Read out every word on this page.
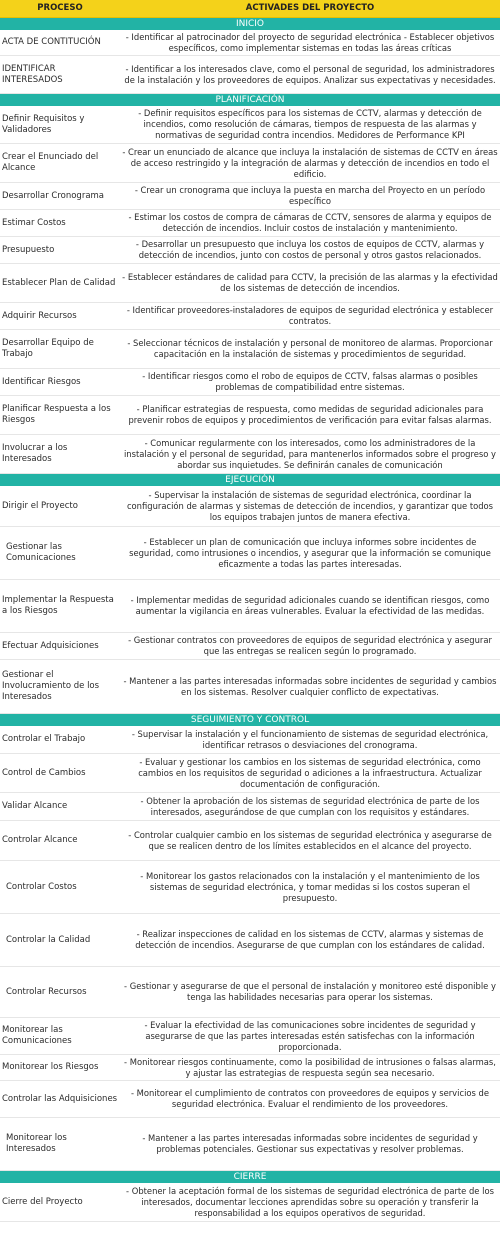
PROCESO	ACTIVADES DEL PROYECTO
INICIO
ACTA DE CONTITUCIÓN
- Identificar al patrocinador del proyecto de seguridad electrónica - Establecer objetivos específicos, como implementar sistemas en todas las áreas críticas
IDENTIFICAR INTERESADOS
- Identificar a los interesados clave, como el personal de seguridad, los administradores de la instalación y los proveedores de equipos. Analizar sus expectativas y necesidades.
PLANIFICACIÓN
Definir Requisitos y Validadores
- Definir requisitos específicos para los sistemas de CCTV, alarmas y detección de incendios, como resolución de cámaras, tiempos de respuesta de las alarmas y normativas de seguridad contra incendios. Medidores de Performance KPI
Crear el Enunciado del Alcance
- Crear un enunciado de alcance que incluya la instalación de sistemas de CCTV en áreas de acceso restringido y la integración de alarmas y detección de incendios en todo el edificio.
Desarrollar Cronograma
- Crear un cronograma que incluya la puesta en marcha del Proyecto en un período específico
Estimar Costos
- Estimar los costos de compra de cámaras de CCTV, sensores de alarma y equipos de detección de incendios. Incluir costos de instalación y mantenimiento.
Presupuesto
- Desarrollar un presupuesto que incluya los costos de equipos de CCTV, alarmas y detección de incendios, junto con costos de personal y otros gastos relacionados.
Establecer Plan de Calidad
- Establecer estándares de calidad para CCTV, la precisión de las alarmas y la efectividad de los sistemas de detección de incendios.
Adquirir Recursos
- Identificar proveedores-instaladores de equipos de seguridad electrónica y establecer contratos.
Desarrollar Equipo de Trabajo
- Seleccionar técnicos de instalación y personal de monitoreo de alarmas. Proporcionar capacitación en la instalación de sistemas y procedimientos de seguridad.
Identificar Riesgos
- Identificar riesgos como el robo de equipos de CCTV, falsas alarmas o posibles problemas de compatibilidad entre sistemas.
Planificar Respuesta a los Riesgos
- Planificar estrategias de respuesta, como medidas de seguridad adicionales para prevenir robos de equipos y procedimientos de verificación para evitar falsas alarmas.
Involucrar a los Interesados
- Comunicar regularmente con los interesados, como los administradores de la instalación y el personal de seguridad, para mantenerlos informados sobre el progreso y abordar sus inquietudes. Se definirán canales de comunicación
EJECUCIÓN
Dirigir el Proyecto
- Supervisar la instalación de sistemas de seguridad electrónica, coordinar la configuración de alarmas y sistemas de detección de incendios, y garantizar que todos los equipos trabajen juntos de manera efectiva.
Gestionar las Comunicaciones
- Establecer un plan de comunicación que incluya informes sobre incidentes de seguridad, como intrusiones o incendios, y asegurar que la información se comunique eficazmente a todas las partes interesadas.
Implementar la Respuesta a los Riesgos
- Implementar medidas de seguridad adicionales cuando se identifican riesgos, como aumentar la vigilancia en áreas vulnerables. Evaluar la efectividad de las medidas.
Efectuar Adquisiciones
- Gestionar contratos con proveedores de equipos de seguridad electrónica y asegurar que las entregas se realicen según lo programado.
Gestionar el Involucramiento de los Interesados
- Mantener a las partes interesadas informadas sobre incidentes de seguridad y cambios en los sistemas. Resolver cualquier conflicto de expectativas.
SEGUIMIENTO Y CONTROL
Controlar el Trabajo
- Supervisar la instalación y el funcionamiento de sistemas de seguridad electrónica, identificar retrasos o desviaciones del cronograma.
Control de Cambios
- Evaluar y gestionar los cambios en los sistemas de seguridad electrónica, como cambios en los requisitos de seguridad o adiciones a la infraestructura. Actualizar documentación de configuración.
Validar Alcance
- Obtener la aprobación de los sistemas de seguridad electrónica de parte de los interesados, asegurándose de que cumplan con los requisitos y estándares.
Controlar Alcance
- Controlar cualquier cambio en los sistemas de seguridad electrónica y asegurarse de que se realicen dentro de los límites establecidos en el alcance del proyecto.
Controlar Costos
- Monitorear los gastos relacionados con la instalación y el mantenimiento de los sistemas de seguridad electrónica, y tomar medidas si los costos superan el presupuesto.
Controlar la Calidad
- Realizar inspecciones de calidad en los sistemas de CCTV, alarmas y sistemas de detección de incendios. Asegurarse de que cumplan con los estándares de calidad.
Controlar Recursos
- Gestionar y asegurarse de que el personal de instalación y monitoreo esté disponible y tenga las habilidades necesarias para operar los sistemas.
Monitorear las Comunicaciones
- Evaluar la efectividad de las comunicaciones sobre incidentes de seguridad y asegurarse de que las partes interesadas estén satisfechas con la información proporcionada.
Monitorear los Riesgos
- Monitorear riesgos continuamente, como la posibilidad de intrusiones o falsas alarmas, y ajustar las estrategias de respuesta según sea necesario.
Controlar las Adquisiciones
- Monitorear el cumplimiento de contratos con proveedores de equipos y servicios de seguridad electrónica. Evaluar el rendimiento de los proveedores.
Monitorear los Interesados
- Mantener a las partes interesadas informadas sobre incidentes de seguridad y problemas potenciales. Gestionar sus expectativas y resolver problemas.
CIERRE
Cierre del Proyecto
- Obtener la aceptación formal de los sistemas de seguridad electrónica de parte de los interesados, documentar lecciones aprendidas sobre su operación y transferir la responsabilidad a los equipos operativos de seguridad.
